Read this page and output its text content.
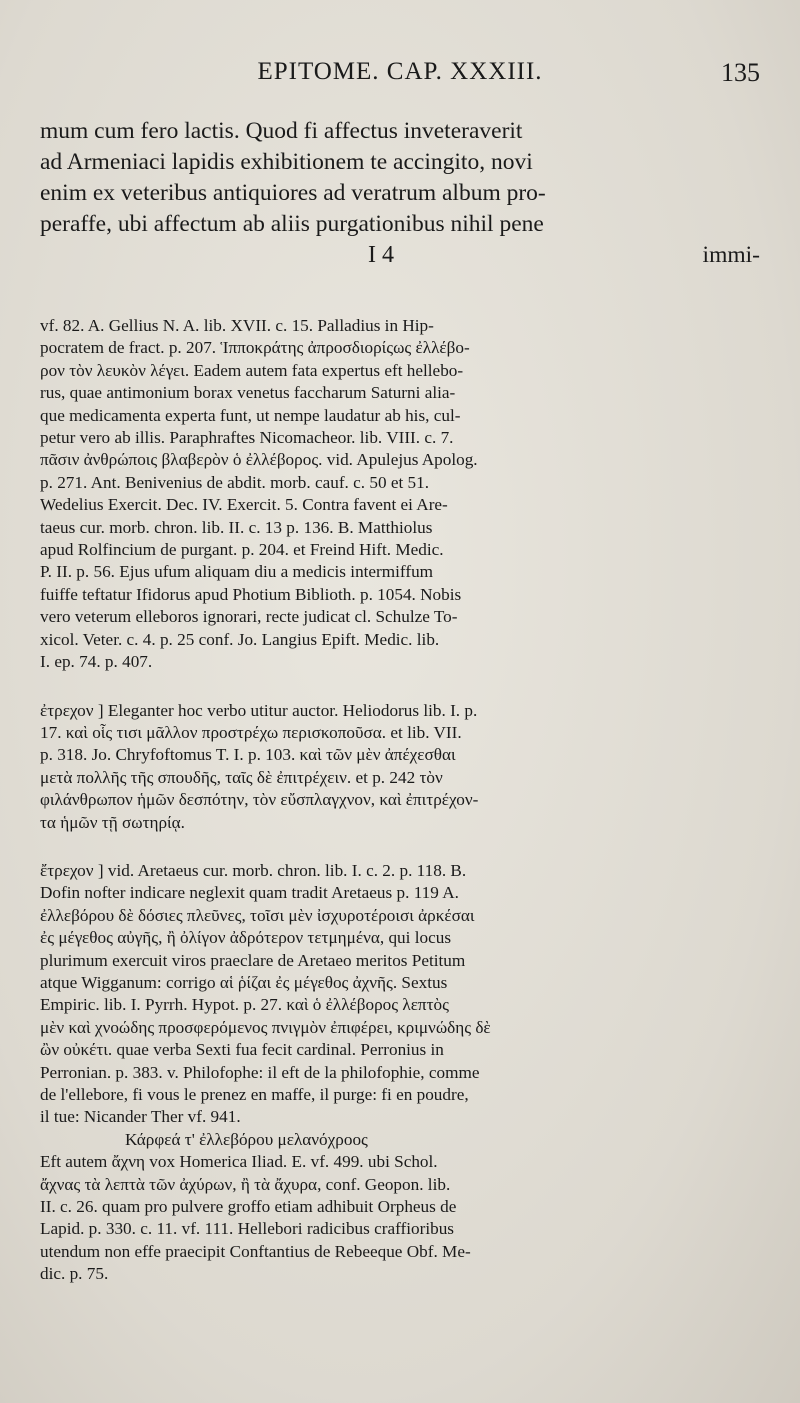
EPITOME. CAP. XXXIII.	135
mum cum fero lactis. Quod fi affectus inveteraverit
ad Armeniaci lapidis exhibitionem te accingito, novi
enim ex veteribus antiquiores ad veratrum album pro-
peraffe, ubi affectum ab aliis purgationibus nihil pene
I 4	immi-
vf. 82. A. Gellius N. A. lib. XVII. c. 15. Palladius in Hip-
pocratem de fract. p. 207. Ἱπποκράτης ἀπροσδιορίςως ἐλλέβο-
ρον τὸν λευκὸν λέγει. Eadem autem fata expertus eft hellebo-
rus, quae antimonium borax venetus faccharum Saturni alia-
que medicamenta experta funt, ut nempe laudatur ab his, cul-
petur vero ab illis. Paraphraftes Nicomacheor. lib. VIII. c. 7.
πᾶσιν ἀνθρώποις βλαβερὸν ὁ ἐλλέβορος. vid. Apulejus Apolog.
p. 271. Ant. Benivenius de abdit. morb. cauf. c. 50 et 51.
Wedelius Exercit. Dec. IV. Exercit. 5. Contra favent ei Are-
taeus cur. morb. chron. lib. II. c. 13 p. 136. B. Matthiolus
apud Rolfincium de purgant. p. 204. et Freind Hift. Medic.
P. II. p. 56. Ejus ufum aliquam diu a medicis intermiffum
fuiffe teftatur Ifidorus apud Photium Biblioth. p. 1054. Nobis
vero veterum elleboros ignorari, recte judicat cl. Schulze To-
xicol. Veter. c. 4. p. 25 conf. Jo. Langius Epift. Medic. lib.
I. ep. 74. p. 407.
ἐτρεχον ] Eleganter hoc verbo utitur auctor. Heliodorus lib. I. p.
17. καὶ οἷς τισι μᾶλλον προστρέχω περισκοποῦσα. et lib. VII.
p. 318. Jo. Chryfoftomus T. I. p. 103. καὶ τῶν μὲν ἀπέχεσθαι
μετὰ πολλῆς τῆς σπουδῆς, ταῖς δὲ ἐπιτρέχειν. et p. 242 τὸν
φιλάνθρωπον ἡμῶν δεσπότην, τὸν εὔσπλαγχνον, καὶ ἐπιτρέχον-
τα ἡμῶν τῇ σωτηρίᾳ.
ἔτρεχον ] vid. Aretaeus cur. morb. chron. lib. I. c. 2. p. 118. B.
Dofin nofter indicare neglexit quam tradit Aretaeus p. 119 A.
ἐλλεβόρου δὲ δόσιες πλεῦνες, τοῖσι μὲν ἰσχυροτέροισι ἀρκέσαι
ἐς μέγεθος αὐγῆς, ἢ ὀλίγον ἀδρότερον τετμημένα, qui locus
plurimum exercuit viros praeclare de Aretaeo meritos Petitum
atque Wigganum: corrigo αἱ ῥίζαι ἐς μέγεθος ἀχνῆς. Sextus
Empiric. lib. I. Pyrrh. Hypot. p. 27. καὶ ὁ ἐλλέβορος λεπτὸς
μὲν καὶ χνοώδης προσφερόμενος πνιγμὸν ἐπιφέρει, κριμνώδης δὲ
ὢν οὐκέτι. quae verba Sexti fua fecit cardinal. Perronius in
Perronian. p. 383. v. Philofophe: il eft de la philofophie, comme
de l'ellebore, fi vous le prenez en maffe, il purge: fi en poudre,
il tue: Nicander Ther vf. 941.
Κάρφεά τ' ἐλλεβόρου μελανόχροος
Eft autem ἄχνη vox Homerica Iliad. E. vf. 499. ubi Schol.
ἄχνας τὰ λεπτὰ τῶν ἀχύρων, ἢ τὰ ἄχυρα, conf. Geopon. lib.
II. c. 26. quam pro pulvere groffo etiam adhibuit Orpheus de
Lapid. p. 330. c. 11. vf. 111. Hellebori radicibus craffioribus
utendum non effe praecipit Conftantius de Rebeeque Obf. Me-
dic. p. 75.
